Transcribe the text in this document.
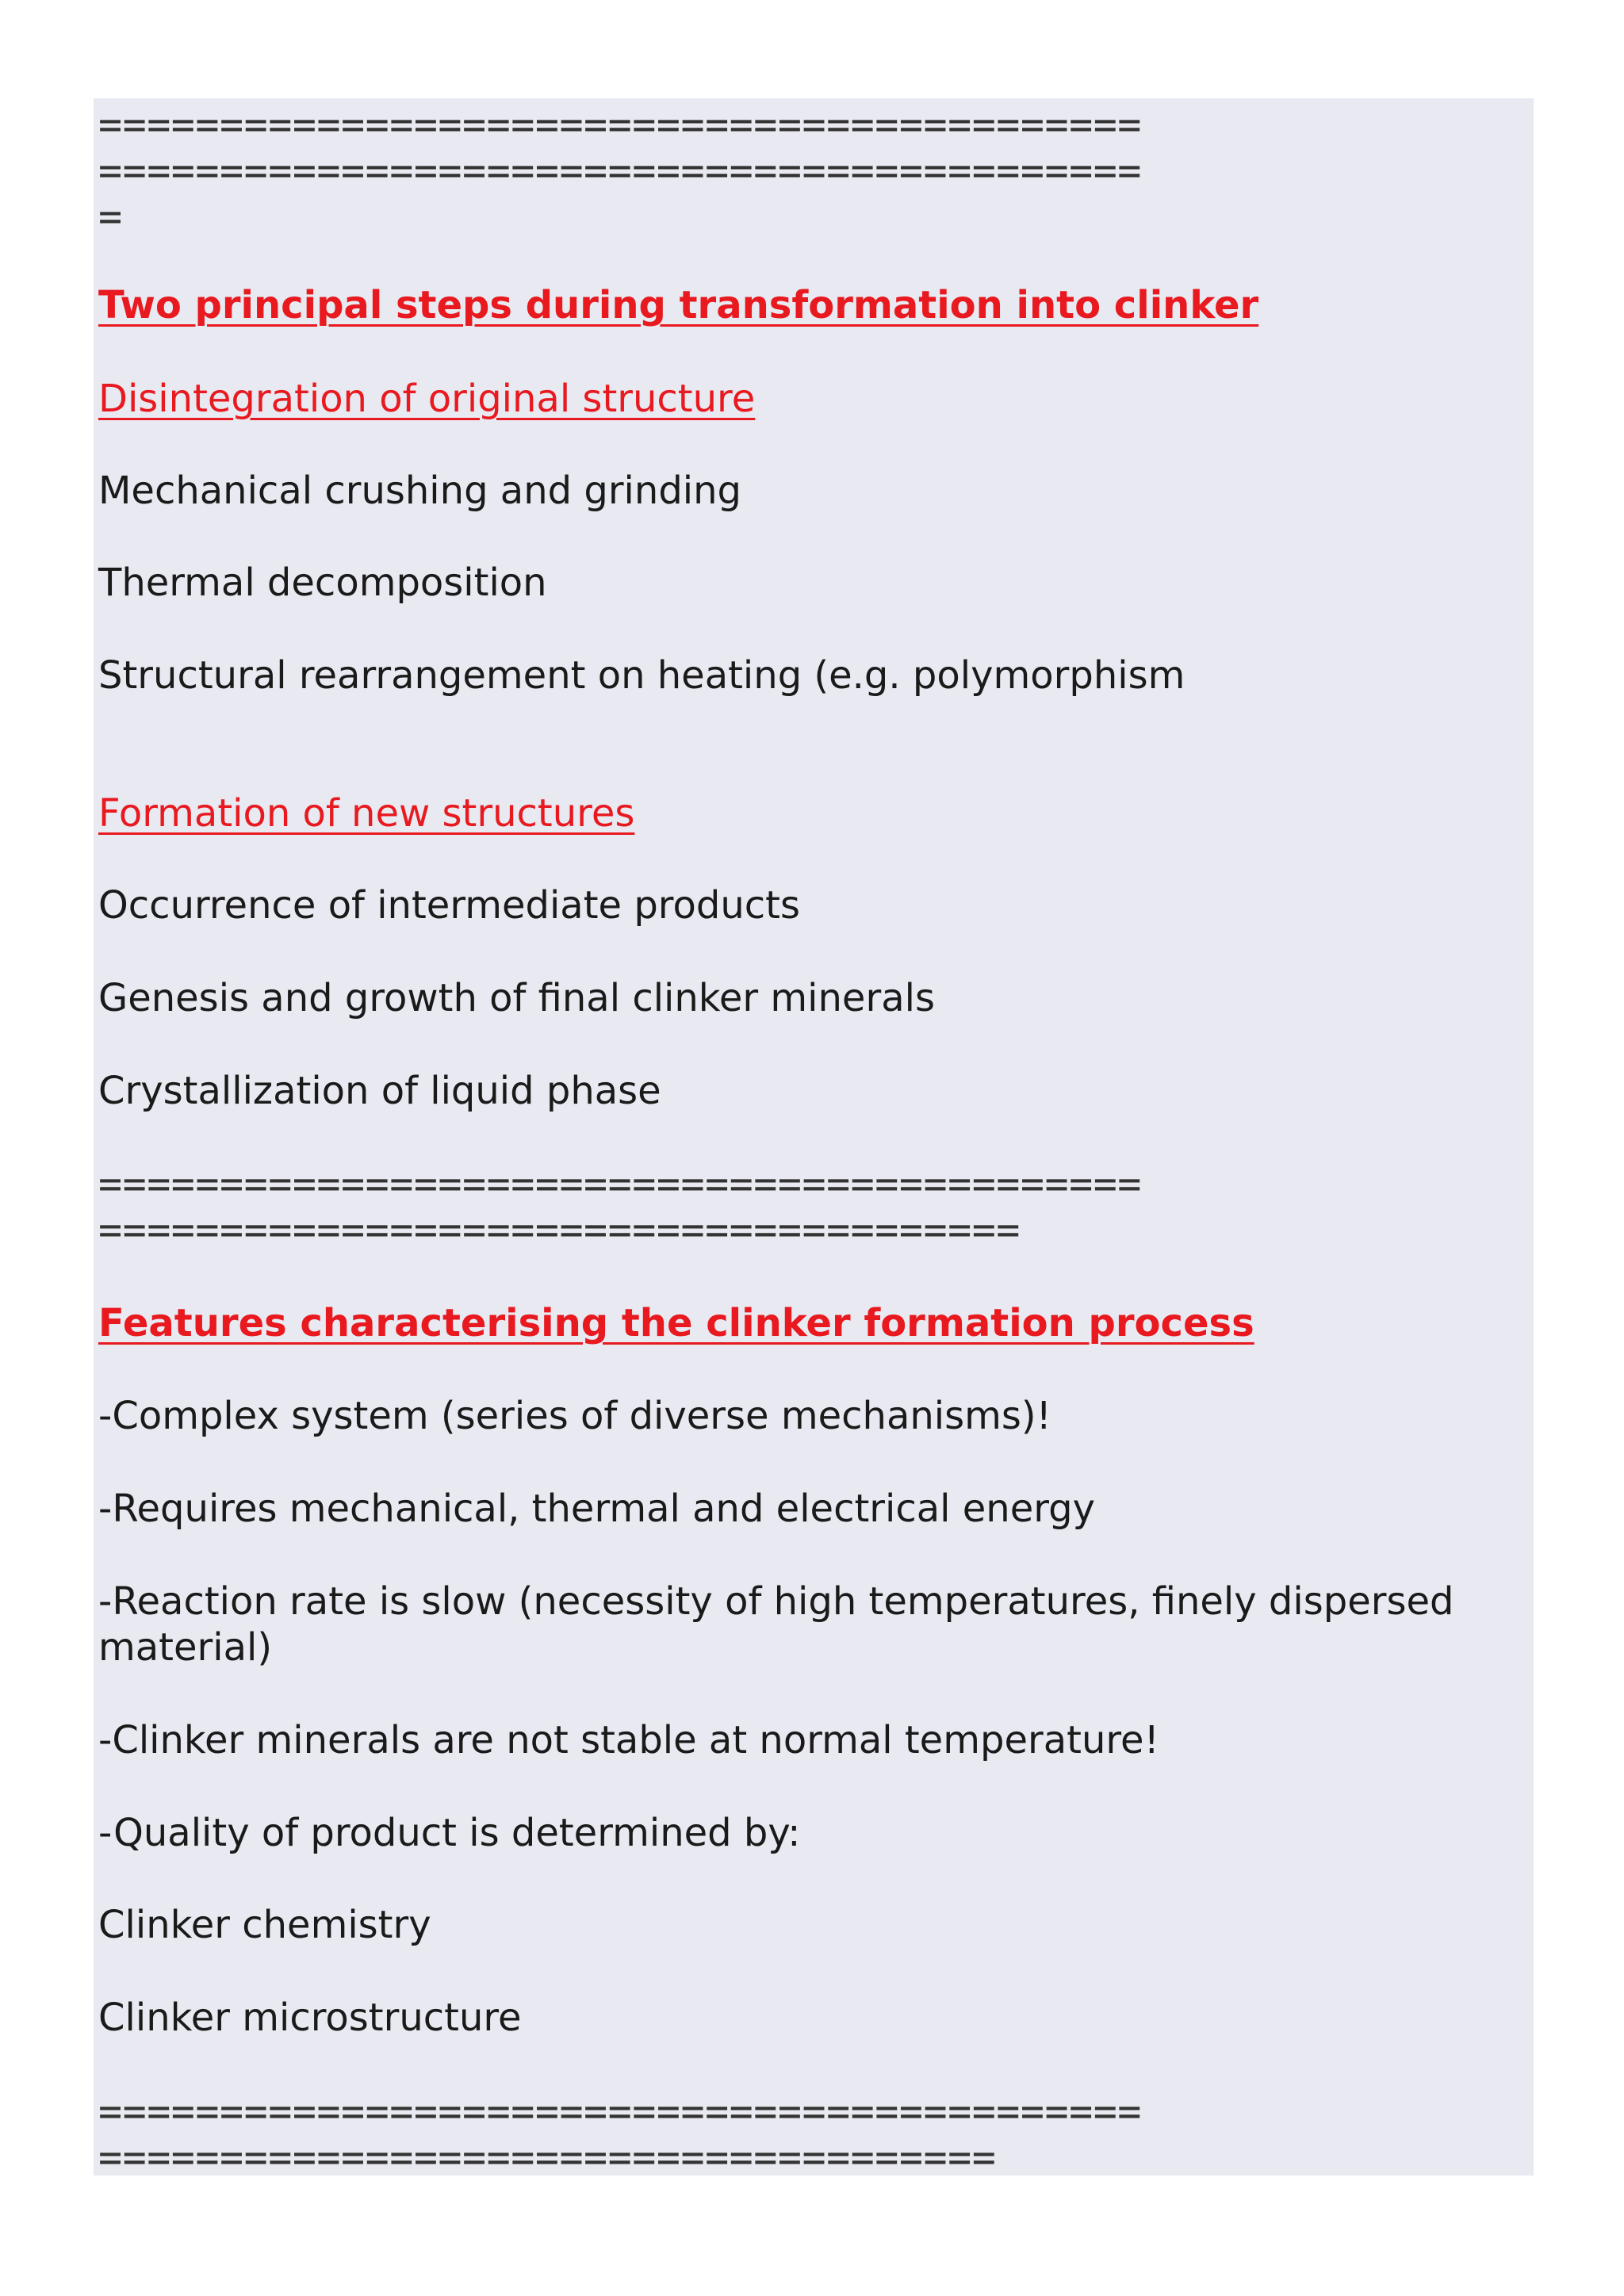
===========================================

===========================================

=

Two principal steps during transformation into clinker

Disintegration of original structure

Mechanical crushing and grinding

Thermal decomposition

Structural rearrangement on heating (e.g. polymorphism

Formation of new structures

Occurrence of intermediate products

Genesis and growth of final clinker minerals

Crystallization of liquid phase

===========================================

======================================

Features characterising the clinker formation process

-Complex system (series of diverse mechanisms)!

-Requires mechanical, thermal and electrical energy

-Reaction rate is slow (necessity of high temperatures, finely dispersed material)

-Clinker minerals are not stable at normal temperature!

-Quality of product is determined by:

Clinker chemistry

Clinker microstructure

===========================================

=====================================
